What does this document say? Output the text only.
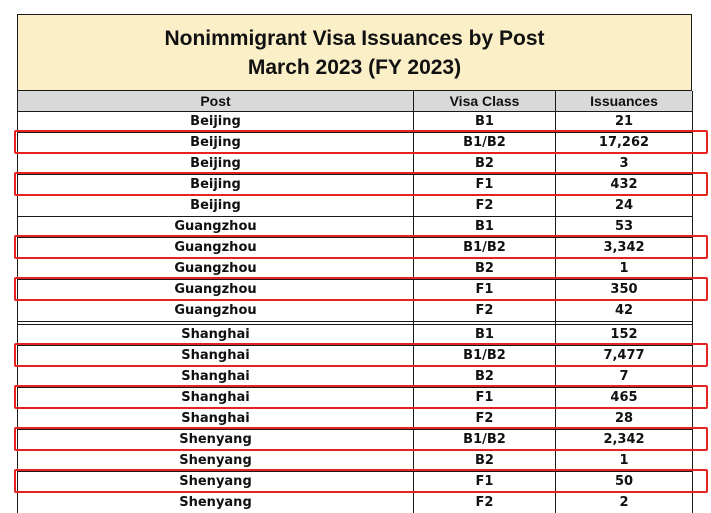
Nonimmigrant Visa Issuances by Post
March 2023 (FY 2023)
Post	Visa Class	Issuances
Beijing	B1	21
Beijing	B1/B2	17,262
Beijing	B2	3
Beijing	F1	432
Beijing	F2	24
Guangzhou	B1	53
Guangzhou	B1/B2	3,342
Guangzhou	B2	1
Guangzhou	F1	350
Guangzhou	F2	42

Shanghai	B1	152
Shanghai	B1/B2	7,477
Shanghai	B2	7
Shanghai	F1	465
Shanghai	F2	28
Shenyang	B1/B2	2,342
Shenyang	B2	1
Shenyang	F1	50
Shenyang	F2	2
